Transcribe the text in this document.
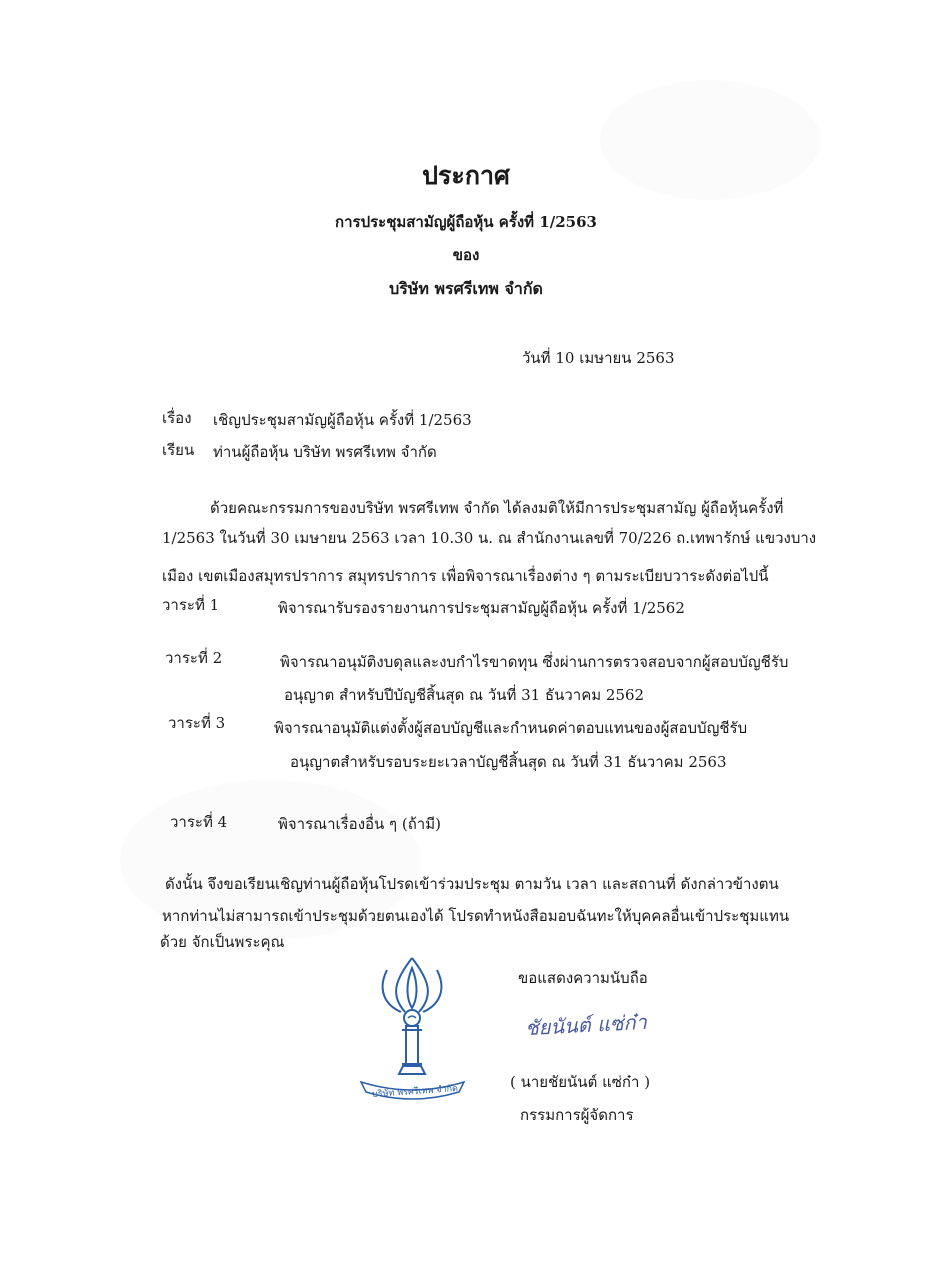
ประกาศ
การประชุมสามัญผู้ถือหุ้น ครั้งที่ 1/2563
ของ
บริษัท พรศรีเทพ จำกัด
วันที่ 10 เมษายน 2563
เรื่อง เชิญประชุมสามัญผู้ถือหุ้น ครั้งที่ 1/2563
เรียน ท่านผู้ถือหุ้น บริษัท พรศรีเทพ จำกัด
ด้วยคณะกรรมการของบริษัท พรศรีเทพ จำกัด ได้ลงมติให้มีการประชุมสามัญ ผู้ถือหุ้นครั้งที่
1/2563 ในวันที่ 30 เมษายน 2563 เวลา 10.30 น. ณ สำนักงานเลขที่ 70/226 ถ.เทพารักษ์ แขวงบาง
เมือง เขตเมืองสมุทรปราการ สมุทรปราการ เพื่อพิจารณาเรื่องต่าง ๆ ตามระเบียบวาระดังต่อไปนี้
วาระที่ 1	พิจารณารับรองรายงานการประชุมสามัญผู้ถือหุ้น ครั้งที่ 1/2562
วาระที่ 2	พิจารณาอนุมัติงบดุลและงบกำไรขาดทุน ซึ่งผ่านการตรวจสอบจากผู้สอบบัญชีรับ
อนุญาต สำหรับปีบัญชีสิ้นสุด ณ วันที่ 31 ธันวาคม 2562
วาระที่ 3	พิจารณาอนุมัติแต่งตั้งผู้สอบบัญชีและกำหนดค่าตอบแทนของผู้สอบบัญชีรับ
อนุญาตสำหรับรอบระยะเวลาบัญชีสิ้นสุด ณ วันที่ 31 ธันวาคม 2563
วาระที่ 4	พิจารณาเรื่องอื่น ๆ (ถ้ามี)
ดังนั้น จึงขอเรียนเชิญท่านผู้ถือหุ้นโปรดเข้าร่วมประชุม ตามวัน เวลา และสถานที่ ดังกล่าวข้างตน
หากท่านไม่สามารถเข้าประชุมด้วยตนเองได้ โปรดทำหนังสือมอบฉันทะให้บุคคลอื่นเข้าประชุมแทน
ด้วย จักเป็นพระคุณ
บริษัท พรศรีเทพ จำกัด
ขอแสดงความนับถือ
ชัยนันต์ แซ่ก๋า
( นายชัยนันต์ แซ่ก๋า )
กรรมการผู้จัดการ
